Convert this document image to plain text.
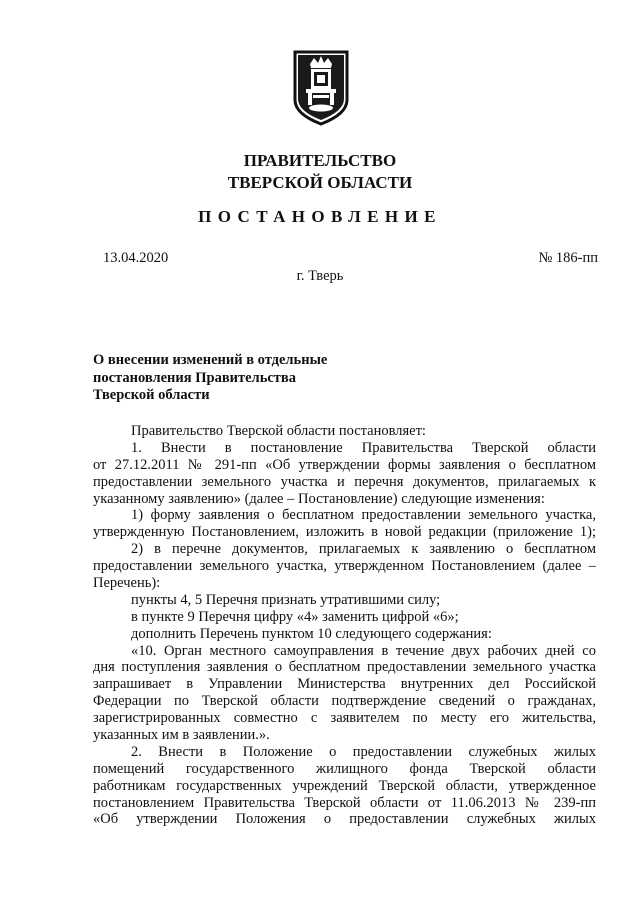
ПРАВИТЕЛЬСТВО
ТВЕРСКОЙ ОБЛАСТИ
ПОСТАНОВЛЕНИЕ
13.04.2020	№ 186-пп
г. Тверь
О внесении изменений в отдельные
постановления Правительства
Тверской области
Правительство Тверской области постановляет:
1. Внести в постановление Правительства Тверской области
от 27.12.2011 № 291-пп «Об утверждении формы заявления о бесплатном
предоставлении земельного участка и перечня документов, прилагаемых к
указанному заявлению» (далее – Постановление) следующие изменения:
1) форму заявления о бесплатном предоставлении земельного участка,
утвержденную Постановлением, изложить в новой редакции (приложение 1);
2) в перечне документов, прилагаемых к заявлению о бесплатном
предоставлении земельного участка, утвержденном Постановлением (далее –
Перечень):
пункты 4, 5 Перечня признать утратившими силу;
в пункте 9 Перечня цифру «4» заменить цифрой «6»;
дополнить Перечень пунктом 10 следующего содержания:
«10. Орган местного самоуправления в течение двух рабочих дней со
дня поступления заявления о бесплатном предоставлении земельного участка
запрашивает в Управлении Министерства внутренних дел Российской
Федерации по Тверской области подтверждение сведений о гражданах,
зарегистрированных совместно с заявителем по месту его жительства,
указанных им в заявлении.».
2. Внести в Положение о предоставлении служебных жилых
помещений государственного жилищного фонда Тверской области
работникам государственных учреждений Тверской области, утвержденное
постановлением Правительства Тверской области от 11.06.2013 № 239-пп
«Об утверждении Положения о предоставлении служебных жилых
